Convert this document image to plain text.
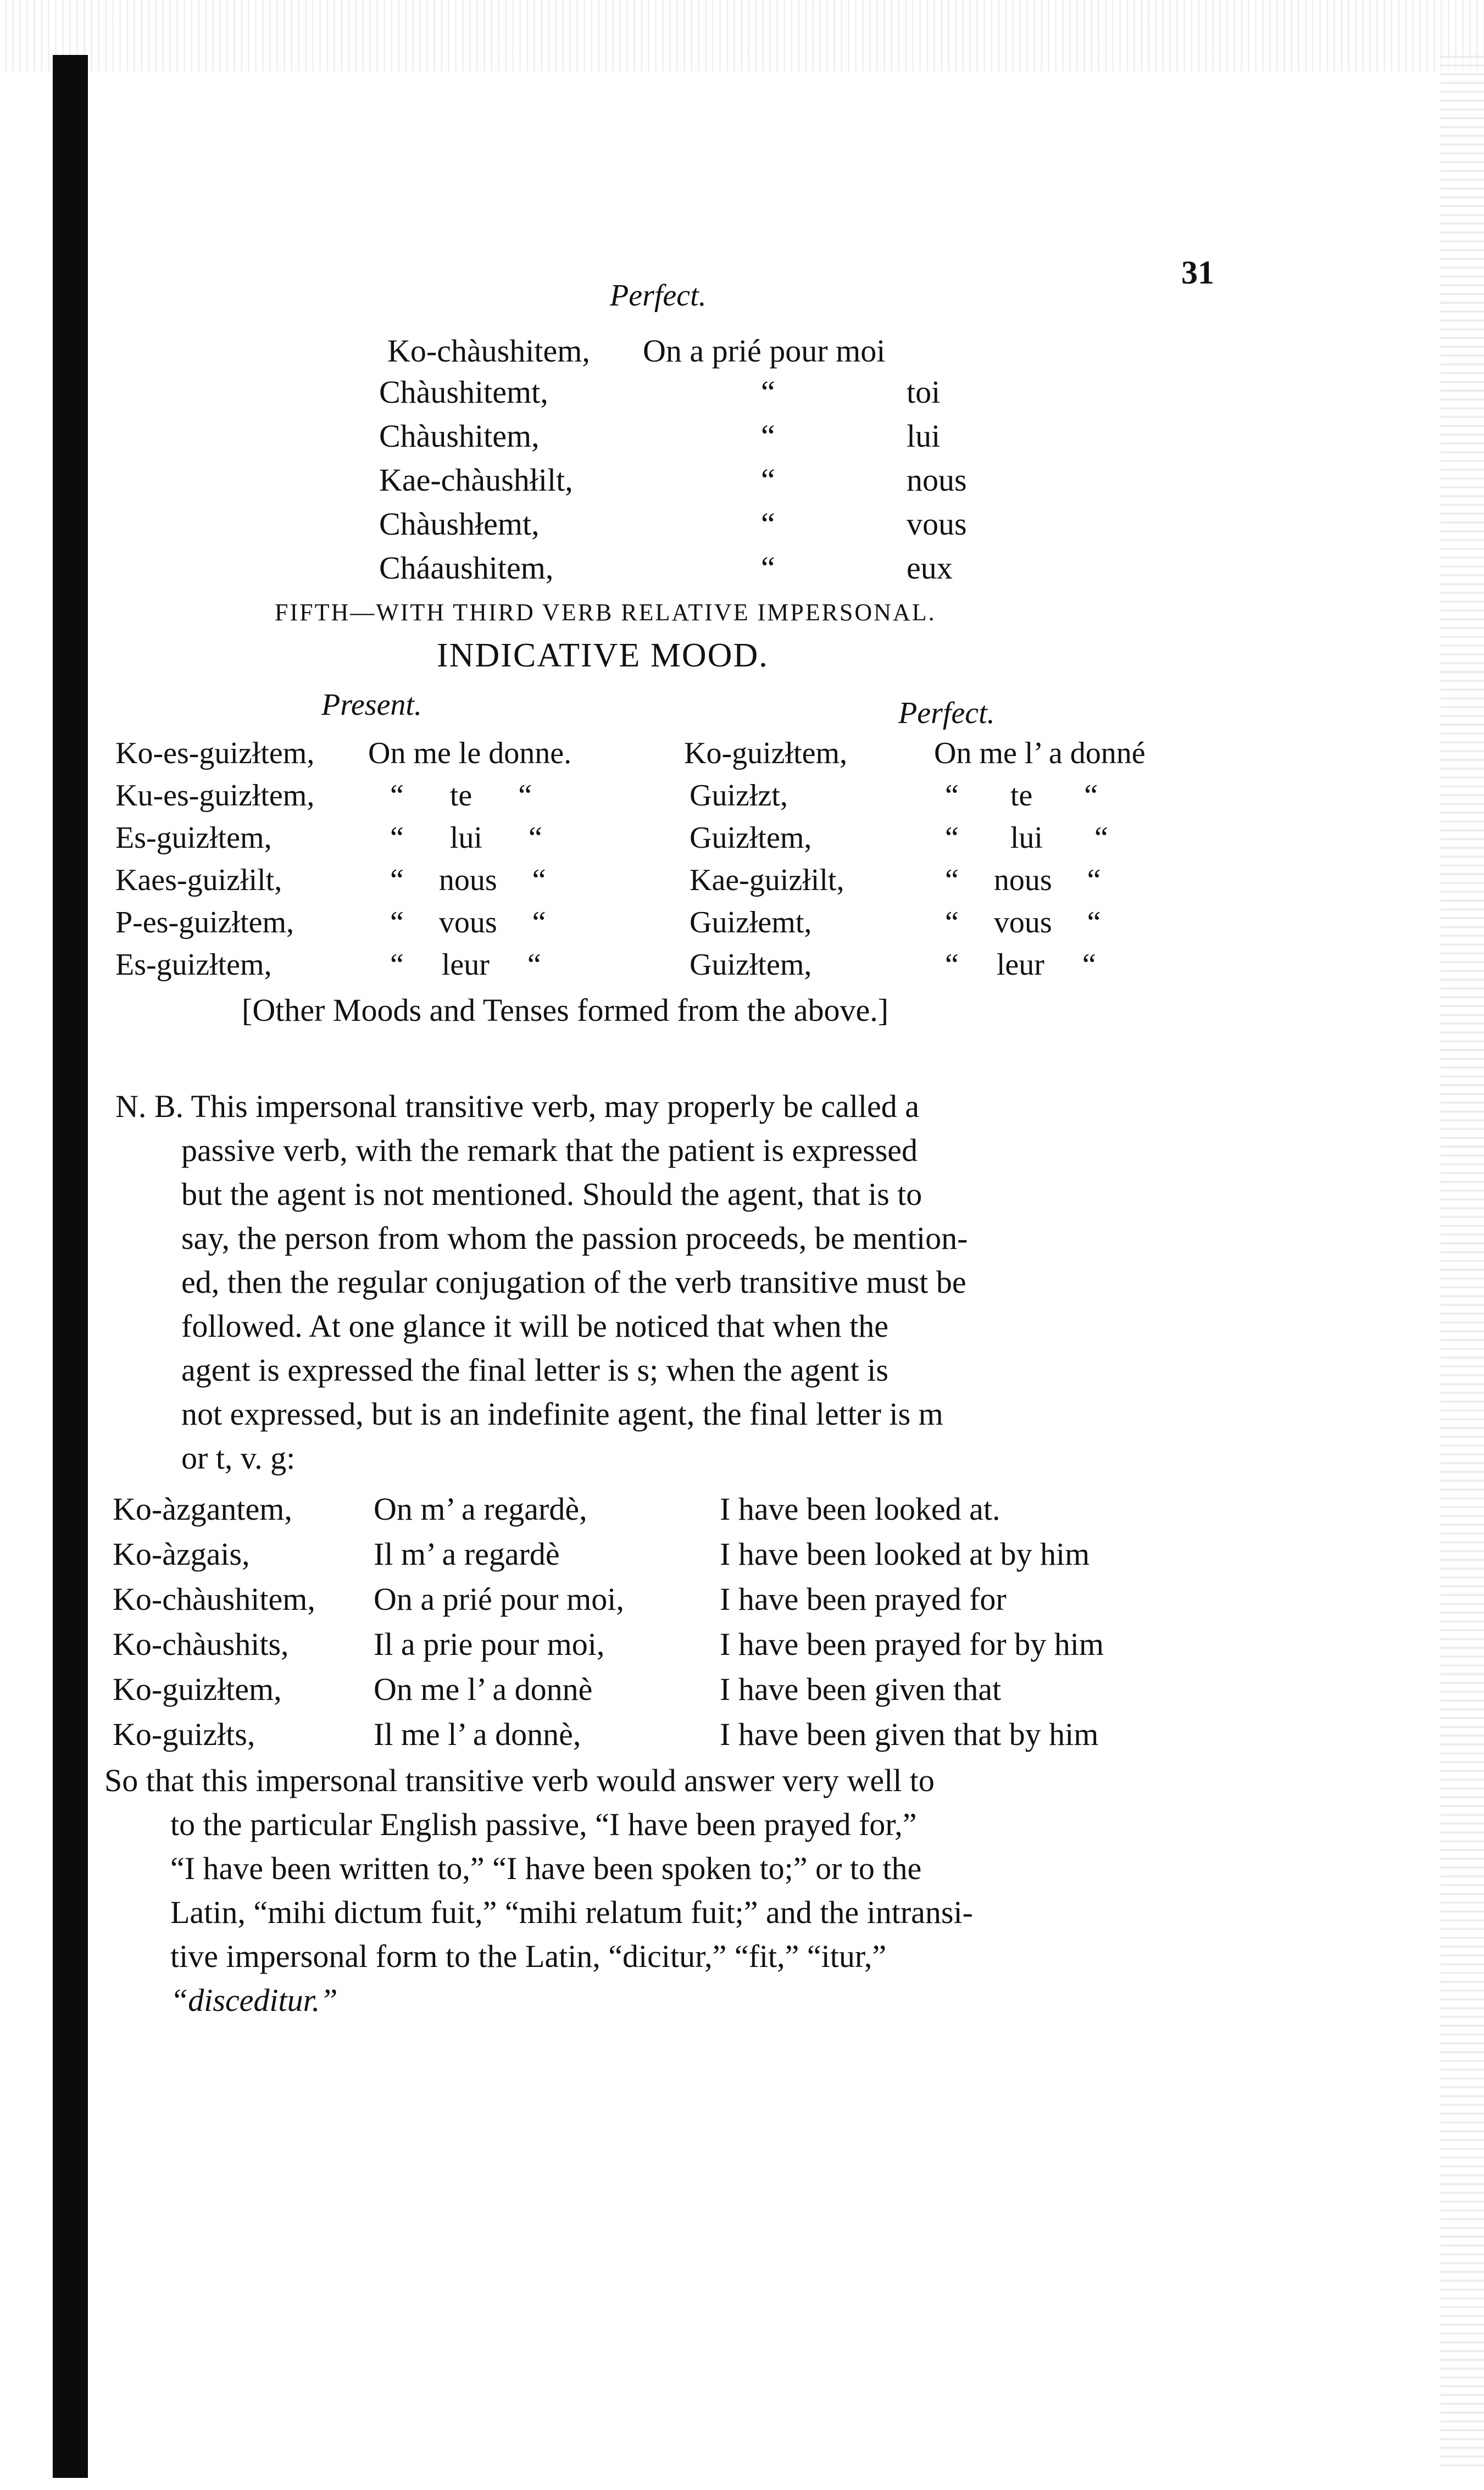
31
Perfect.
Ko-chàushitem, On a prié pour moi
Chàushitemt,	“	toi
Chàushitem,	“	lui
Kae-chàushłilt,	“	nous
Chàushłemt,	“	vous
Cháaushitem,	“	eux
FIFTH—WITH THIRD VERB RELATIVE IMPERSONAL.
INDICATIVE MOOD.
Present.	Perfect.
Ko-es-guizłtem, On me le donne.	Ko-guizłtem,	On me l’ a donné
Ku-es-guizłtem, “ te “	Guizłzt,	“ te “
Es-guizłtem,	“ lui “	Guizłtem,	“ lui “
Kaes-guizłilt,	“ nous “	Kae-guizłilt,	“ nous “
P-es-guizłtem,	“ vous “	Guizłemt,	“ vous “
Es-guizłtem,	“ leur “	Guizłtem,	“ leur “
[Other Moods and Tenses formed from the above.]
N. B. This impersonal transitive verb, may properly be called a
passive verb, with the remark that the patient is expressed
but the agent is not mentioned. Should the agent, that is to
say, the person from whom the passion proceeds, be mention-
ed, then the regular conjugation of the verb transitive must be
followed. At one glance it will be noticed that when the
agent is expressed the final letter is s; when the agent is
not expressed, but is an indefinite agent, the final letter is m
or t, v. g:
Ko-àzgantem,	On m’ a regardè,	I have been looked at.
Ko-àzgais,	Il m’ a regardè	I have been looked at by him
Ko-chàushitem, On a prié pour moi,	I have been prayed for
Ko-chàushits,	Il a prie pour moi,	I have been prayed for by him
Ko-guizłtem,	On me l’ a donnè	I have been given that
Ko-guizłts,	Il me l’ a donnè,	I have been given that by him
So that this impersonal transitive verb would answer very well to
to the particular English passive, “I have been prayed for,”
“I have been written to,” “I have been spoken to;” or to the
Latin, “mihi dictum fuit,” “mihi relatum fuit;” and the intransi-
tive impersonal form to the Latin, “dicitur,” “fit,” “itur,”
“disceditur.”
